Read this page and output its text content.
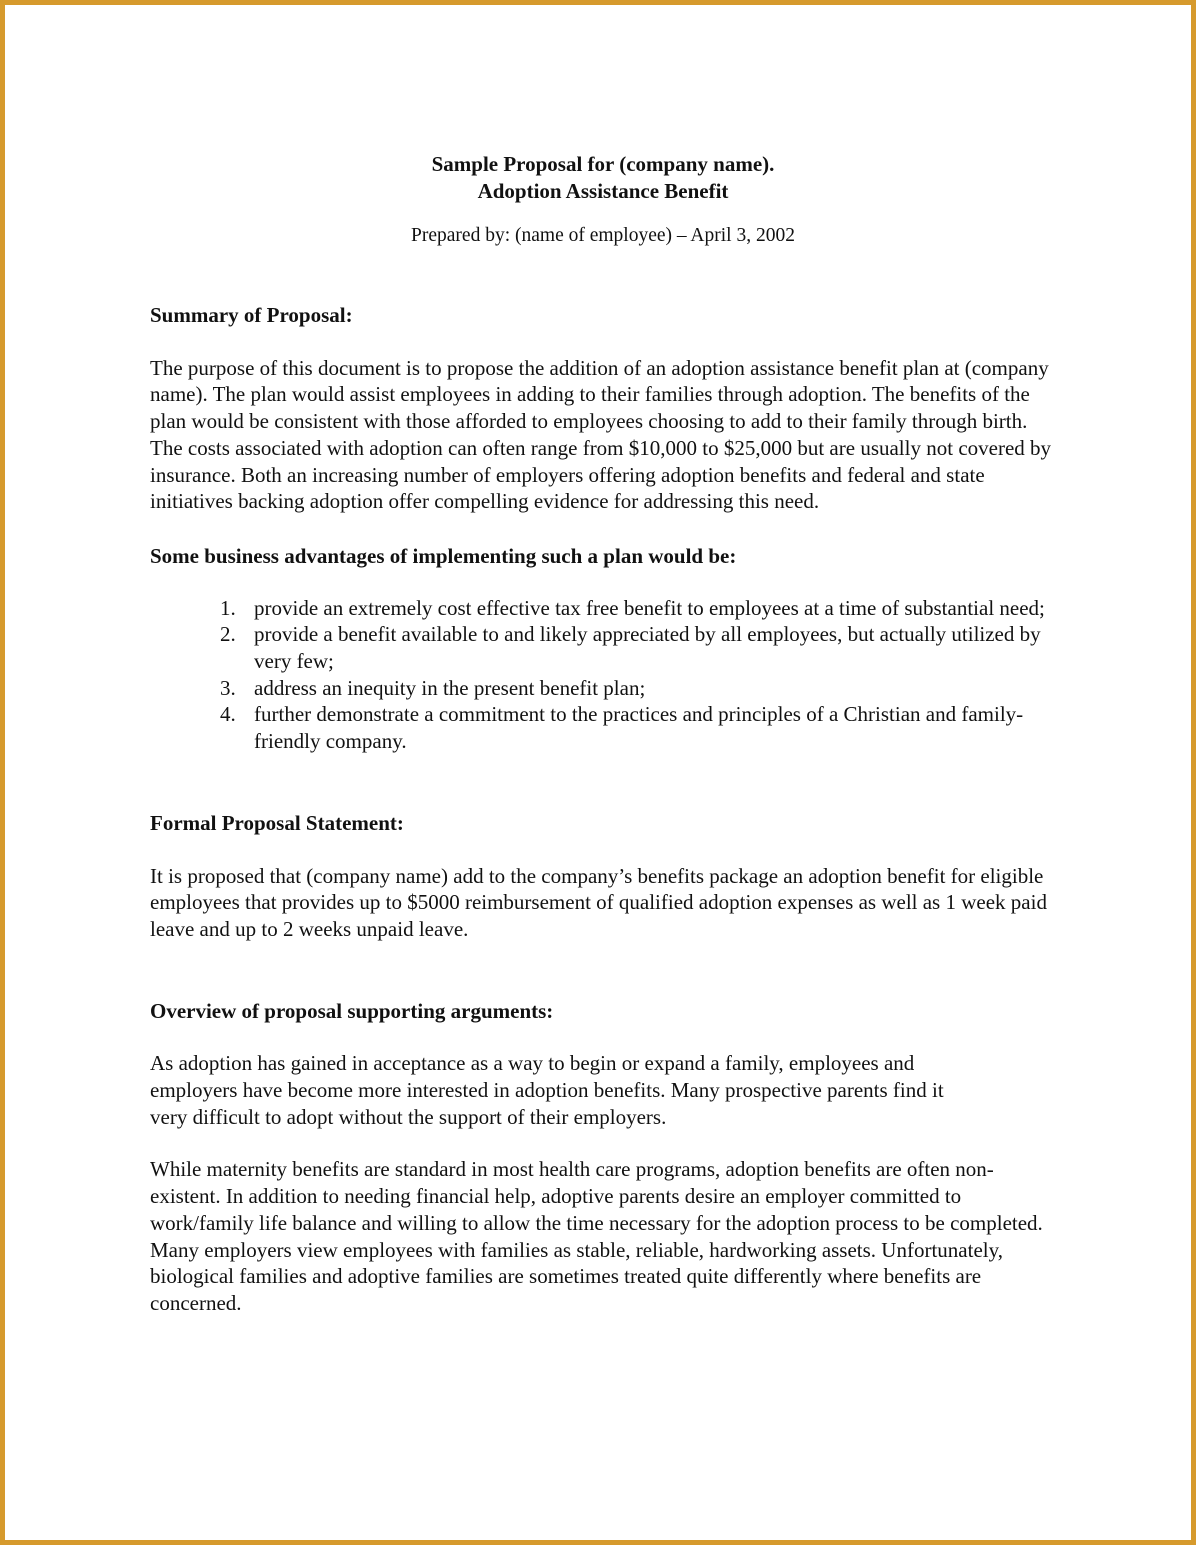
Sample Proposal for (company name).
Adoption Assistance Benefit
Prepared by: (name of employee) – April 3, 2002
Summary of Proposal:

The purpose of this document is to propose the addition of an adoption assistance benefit plan at (company name). The plan would assist employees in adding to their families through adoption. The benefits of the plan would be consistent with those afforded to employees choosing to add to their family through birth. The costs associated with adoption can often range from $10,000 to $25,000 but are usually not covered by insurance. Both an increasing number of employers offering adoption benefits and federal and state initiatives backing adoption offer compelling evidence for addressing this need.

Some business advantages of implementing such a plan would be:
1. provide an extremely cost effective tax free benefit to employees at a time of substantial need;
2. provide a benefit available to and likely appreciated by all employees, but actually utilized by very few;
3. address an inequity in the present benefit plan;
4. further demonstrate a commitment to the practices and principles of a Christian and family-friendly company.
Formal Proposal Statement:

It is proposed that (company name) add to the company’s benefits package an adoption benefit for eligible employees that provides up to $5000 reimbursement of qualified adoption expenses as well as 1 week paid leave and up to 2 weeks unpaid leave.

Overview of proposal supporting arguments:

As adoption has gained in acceptance as a way to begin or expand a family, employees and employers have become more interested in adoption benefits. Many prospective parents find it very difficult to adopt without the support of their employers.

While maternity benefits are standard in most health care programs, adoption benefits are often non-existent. In addition to needing financial help, adoptive parents desire an employer committed to work/family life balance and willing to allow the time necessary for the adoption process to be completed. Many employers view employees with families as stable, reliable, hardworking assets. Unfortunately, biological families and adoptive families are sometimes treated quite differently where benefits are concerned.
